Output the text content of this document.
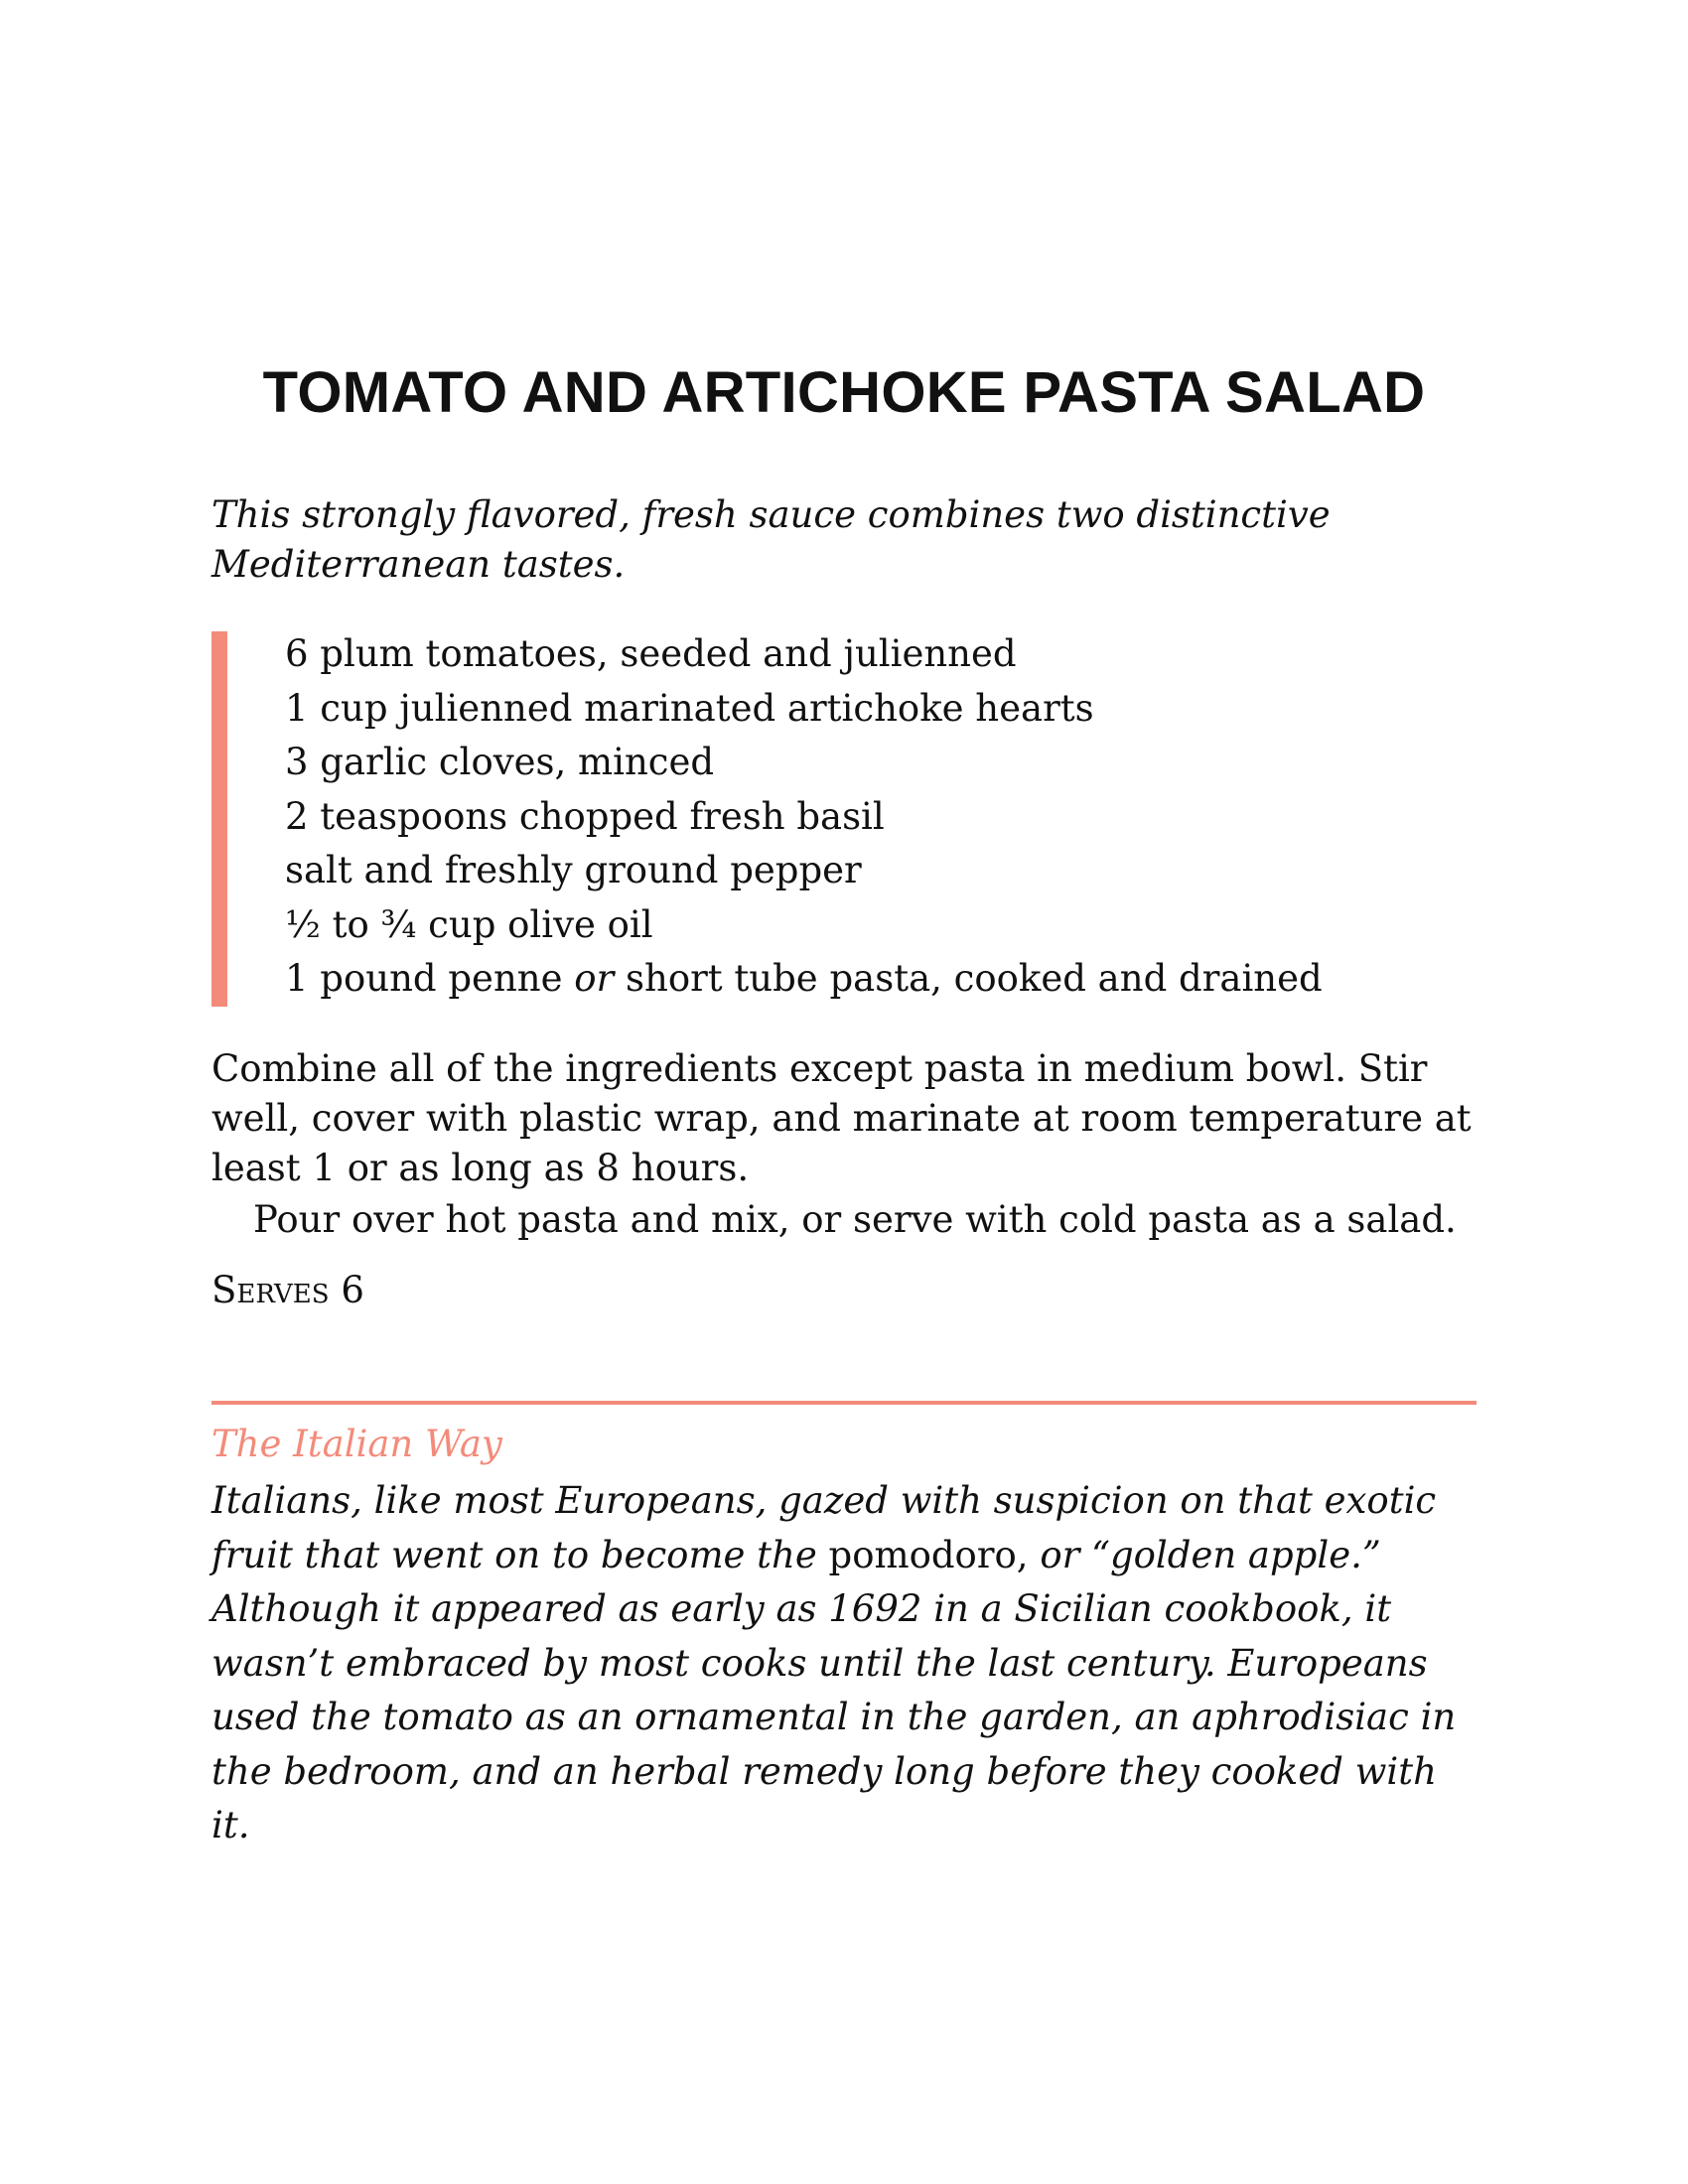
TOMATO AND ARTICHOKE PASTA SALAD

This strongly flavored, fresh sauce combines two distinctive Mediterranean tastes.

6 plum tomatoes, seeded and julienned
1 cup julienned marinated artichoke hearts
3 garlic cloves, minced
2 teaspoons chopped fresh basil
salt and freshly ground pepper
½ to ¾ cup olive oil
1 pound penne or short tube pasta, cooked and drained

Combine all of the ingredients except pasta in medium bowl. Stir well, cover with plastic wrap, and marinate at room temperature at least 1 or as long as 8 hours.

Pour over hot pasta and mix, or serve with cold pasta as a salad.

Serves 6

The Italian Way

Italians, like most Europeans, gazed with suspicion on that exotic fruit that went on to become the pomodoro, or “golden apple.” Although it appeared as early as 1692 in a Sicilian cookbook, it wasn’t embraced by most cooks until the last century. Europeans used the tomato as an ornamental in the garden, an aphrodisiac in the bedroom, and an herbal remedy long before they cooked with it.
